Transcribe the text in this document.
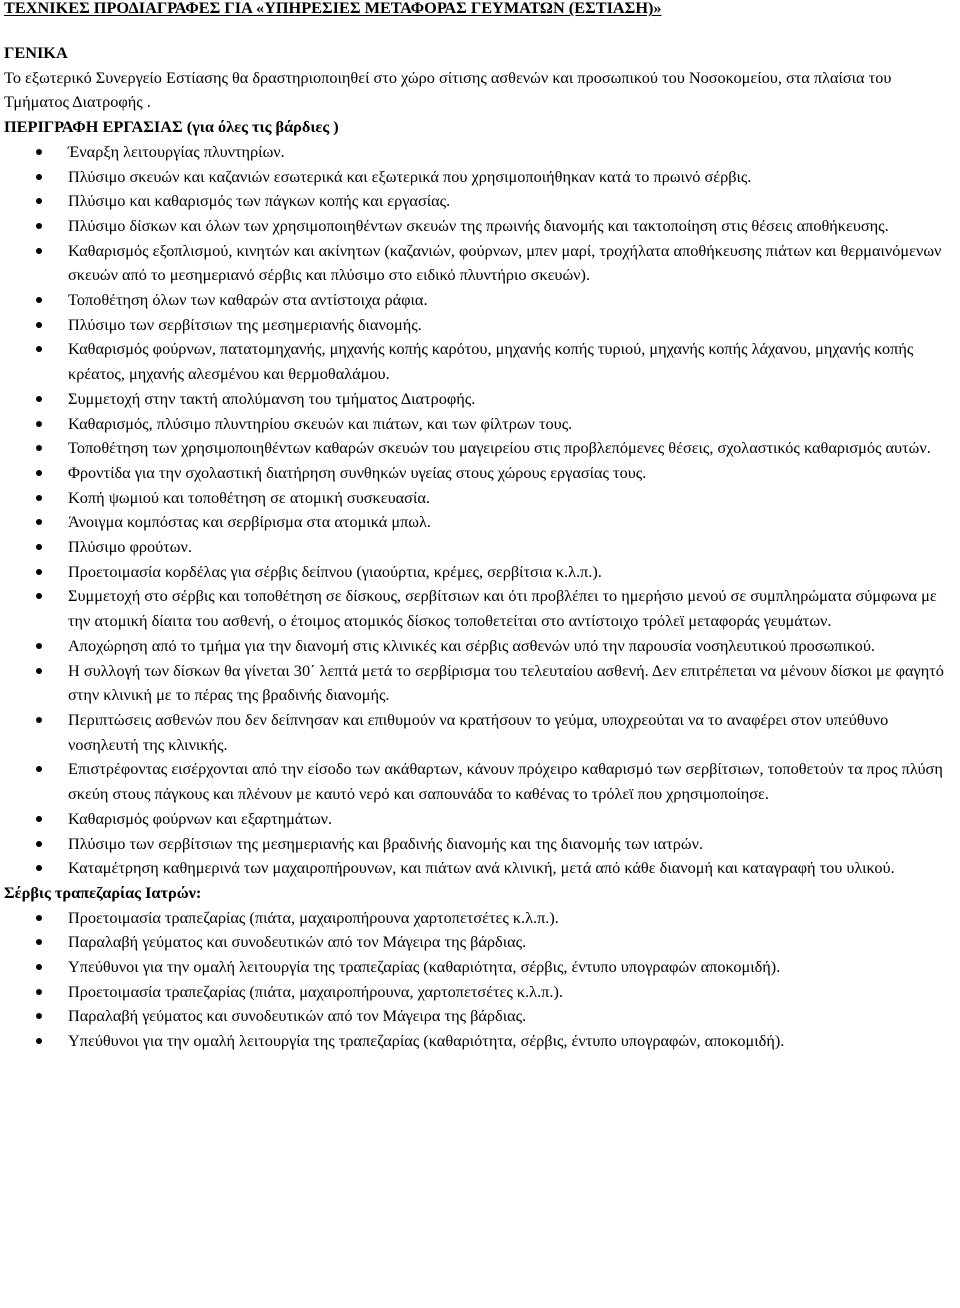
ΤΕΧΝΙΚΕΣ ΠΡΟΔΙΑΓΡΑΦΕΣ ΓΙΑ «ΥΠΗΡΕΣΙΕΣ ΜΕΤΑΦΟΡΑΣ ΓΕΥΜΑΤΩΝ (ΕΣΤΙΑΣΗ)»
ΓΕΝΙΚΑ
Το εξωτερικό Συνεργείο Εστίασης θα δραστηριοποιηθεί στο χώρο σίτισης ασθενών και προσωπικού του Νοσοκομείου, στα πλαίσια του Τμήματος Διατροφής .
ΠΕΡΙΓΡΑΦΗ ΕΡΓΑΣΙΑΣ (για όλες τις βάρδιες )
Έναρξη λειτουργίας πλυντηρίων.
Πλύσιμο σκευών και καζανιών εσωτερικά και εξωτερικά που χρησιμοποιήθηκαν κατά το πρωινό σέρβις.
Πλύσιμο και καθαρισμός των πάγκων κοπής και εργασίας.
Πλύσιμο δίσκων και όλων των χρησιμοποιηθέντων σκευών της πρωινής διανομής και τακτοποίηση στις θέσεις αποθήκευσης.
Καθαρισμός εξοπλισμού, κινητών και ακίνητων (καζανιών, φούρνων, μπεν μαρί, τροχήλατα αποθήκευσης πιάτων και θερμαινόμενων σκευών από το μεσημεριανό σέρβις και πλύσιμο στο ειδικό πλυντήριο σκευών).
Τοποθέτηση όλων των καθαρών στα αντίστοιχα ράφια.
Πλύσιμο των σερβίτσιων της μεσημεριανής διανομής.
Καθαρισμός φούρνων, πατατομηχανής, μηχανής κοπής καρότου, μηχανής κοπής τυριού, μηχανής κοπής λάχανου, μηχανής κοπής κρέατος, μηχανής αλεσμένου και θερμοθαλάμου.
Συμμετοχή στην τακτή απολύμανση του τμήματος Διατροφής.
Καθαρισμός, πλύσιμο πλυντηρίου σκευών και πιάτων, και των φίλτρων τους.
Τοποθέτηση των χρησιμοποιηθέντων καθαρών σκευών του μαγειρείου στις προβλεπόμενες θέσεις, σχολαστικός καθαρισμός αυτών.
Φροντίδα για την σχολαστική διατήρηση συνθηκών υγείας στους χώρους εργασίας τους.
Κοπή ψωμιού και τοποθέτηση σε ατομική συσκευασία.
Άνοιγμα κομπόστας και σερβίρισμα στα ατομικά μπωλ.
Πλύσιμο φρούτων.
Προετοιμασία κορδέλας για σέρβις δείπνου (γιαούρτια, κρέμες, σερβίτσια κ.λ.π.).
Συμμετοχή στο σέρβις και τοποθέτηση σε δίσκους, σερβίτσιων και ότι προβλέπει το ημερήσιο μενού σε συμπληρώματα σύμφωνα με την ατομική δίαιτα του ασθενή, ο έτοιμος ατομικός δίσκος τοποθετείται στο αντίστοιχο τρόλεϊ μεταφοράς γευμάτων.
Αποχώρηση από το τμήμα για την διανομή στις κλινικές και σέρβις ασθενών υπό την παρουσία νοσηλευτικού προσωπικού.
Η συλλογή των δίσκων θα γίνεται 30΄ λεπτά μετά το σερβίρισμα του τελευταίου ασθενή. Δεν επιτρέπεται να μένουν δίσκοι με φαγητό στην κλινική με το πέρας της βραδινής διανομής.
Περιπτώσεις ασθενών που δεν δείπνησαν και επιθυμούν να κρατήσουν το γεύμα, υποχρεούται να το αναφέρει στον υπεύθυνο νοσηλευτή της κλινικής.
Επιστρέφοντας εισέρχονται από την είσοδο των ακάθαρτων, κάνουν πρόχειρο καθαρισμό των σερβίτσιων, τοποθετούν τα προς πλύση σκεύη στους πάγκους και πλένουν με καυτό νερό και σαπουνάδα το καθένας το τρόλεϊ που χρησιμοποίησε.
Καθαρισμός φούρνων και εξαρτημάτων.
Πλύσιμο των σερβίτσιων της μεσημεριανής και βραδινής διανομής και της διανομής των ιατρών.
Καταμέτρηση καθημερινά των μαχαιροπήρουνων, και πιάτων ανά κλινική, μετά από κάθε διανομή και καταγραφή του υλικού.
Σέρβις τραπεζαρίας Ιατρών:
Προετοιμασία τραπεζαρίας (πιάτα, μαχαιροπήρουνα χαρτοπετσέτες κ.λ.π.).
Παραλαβή γεύματος και συνοδευτικών από τον Μάγειρα της βάρδιας.
Υπεύθυνοι για την ομαλή λειτουργία της τραπεζαρίας (καθαριότητα, σέρβις, έντυπο υπογραφών αποκομιδή).
Προετοιμασία τραπεζαρίας (πιάτα, μαχαιροπήρουνα, χαρτοπετσέτες κ.λ.π.).
Παραλαβή γεύματος και συνοδευτικών από τον Μάγειρα της βάρδιας.
Υπεύθυνοι για την ομαλή λειτουργία της τραπεζαρίας (καθαριότητα, σέρβις, έντυπο υπογραφών, αποκομιδή).
